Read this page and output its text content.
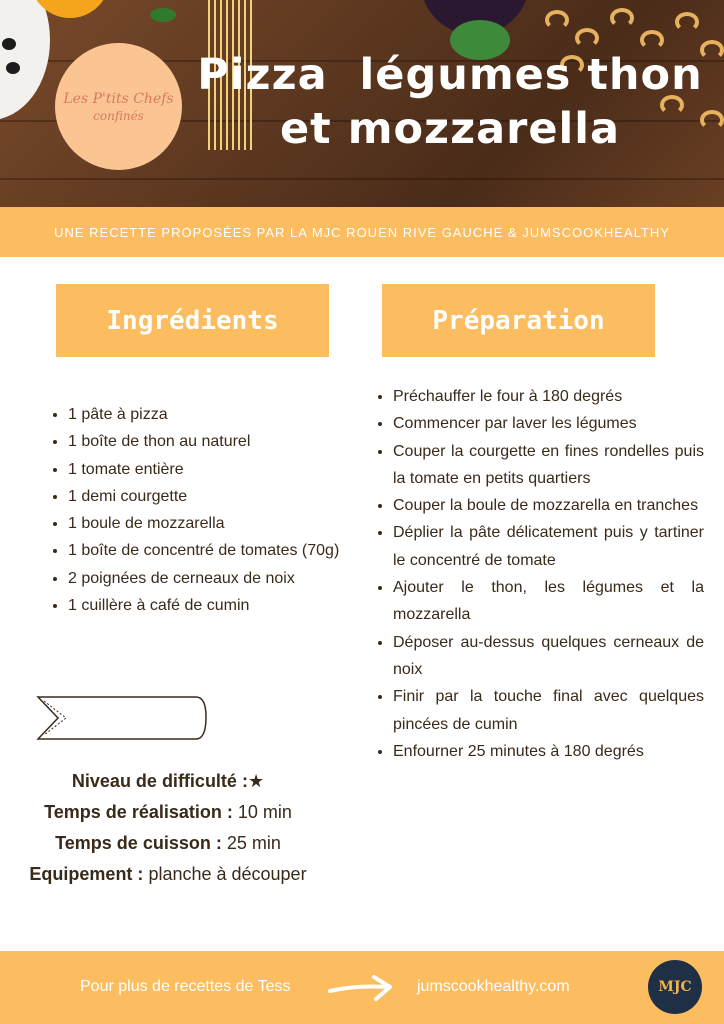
Les P'tits Chefs
confinés
Pizza  légumes thon
et mozzarella
UNE RECETTE PROPOSÉES PAR LA MJC ROUEN RIVE GAUCHE & JUMSCOOKHEALTHY
Ingrédients	Préparation
• 1 pâte à pizza
• 1 boîte de thon au naturel
• 1 tomate entière
• 1 demi courgette
• 1 boule de mozzarella
• 1 boîte de concentré de tomates (70g)
• 2 poignées de cerneaux de noix
• 1 cuillère à café de cumin
• Préchauffer le four à 180 degrés
• Commencer par laver les légumes
• Couper la courgette en fines rondelles puis la tomate en petits quartiers
• Couper la boule de mozzarella en tranches
• Déplier la pâte délicatement puis y tartiner le concentré de tomate
• Ajouter le thon, les légumes et la mozzarella
• Déposer au-dessus quelques cerneaux de noix
• Finir par la touche final avec quelques pincées de cumin
• Enfourner 25 minutes à 180 degrés
Niveau de difficulté :★
Temps de réalisation : 10 min
Temps de cuisson : 25 min
Equipement : planche à découper
Pour plus de recettes de Tess	jumscookhealthy.com	MJC
